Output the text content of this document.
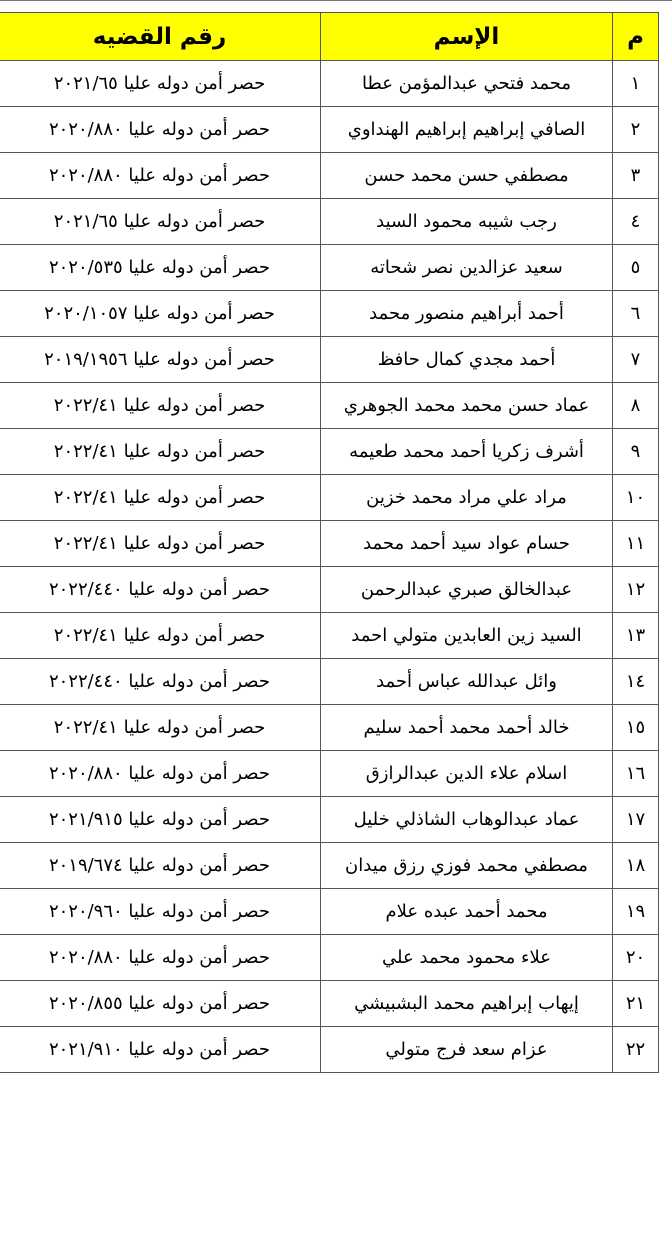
م	الإسم	رقم القضيه
١	محمد فتحي عبدالمؤمن عطا	حصر أمن دوله عليا ٢٠٢١/٦٥
٢	الصافي إبراهيم إبراهيم الهنداوي	حصر أمن دوله عليا ٢٠٢٠/٨٨٠
٣	مصطفي حسن محمد حسن	حصر أمن دوله عليا ٢٠٢٠/٨٨٠
٤	رجب شيبه محمود السيد	حصر أمن دوله عليا ٢٠٢١/٦٥
٥	سعيد عزالدين نصر شحاته	حصر أمن دوله عليا ٢٠٢٠/٥٣٥
٦	أحمد أبراهيم منصور محمد	حصر أمن دوله عليا ٢٠٢٠/١٠٥٧
٧	أحمد مجدي كمال حافظ	حصر أمن دوله عليا ٢٠١٩/١٩٥٦
٨	عماد حسن محمد محمد الجوهري	حصر أمن دوله عليا ٢٠٢٢/٤١
٩	أشرف زكريا أحمد محمد طعيمه	حصر أمن دوله عليا ٢٠٢٢/٤١
١٠	مراد علي مراد محمد خزين	حصر أمن دوله عليا ٢٠٢٢/٤١
١١	حسام عواد سيد أحمد محمد	حصر أمن دوله عليا ٢٠٢٢/٤١
١٢	عبدالخالق صبري عبدالرحمن	حصر أمن دوله عليا ٢٠٢٢/٤٤٠
١٣	السيد زين العابدين متولي احمد	حصر أمن دوله عليا ٢٠٢٢/٤١
١٤	وائل عبدالله عباس أحمد	حصر أمن دوله عليا ٢٠٢٢/٤٤٠
١٥	خالد أحمد محمد أحمد سليم	حصر أمن دوله عليا ٢٠٢٢/٤١
١٦	اسلام علاء الدين عبدالرازق	حصر أمن دوله عليا ٢٠٢٠/٨٨٠
١٧	عماد عبدالوهاب الشاذلي خليل	حصر أمن دوله عليا ٢٠٢١/٩١٥
١٨	مصطفي محمد فوزي رزق ميدان	حصر أمن دوله عليا ٢٠١٩/٦٧٤
١٩	محمد أحمد عبده علام	حصر أمن دوله عليا ٢٠٢٠/٩٦٠
٢٠	علاء محمود محمد علي	حصر أمن دوله عليا ٢٠٢٠/٨٨٠
٢١	إيهاب إبراهيم محمد البشبيشي	حصر أمن دوله عليا ٢٠٢٠/٨٥٥
٢٢	عزام سعد فرج متولي	حصر أمن دوله عليا ٢٠٢١/٩١٠
